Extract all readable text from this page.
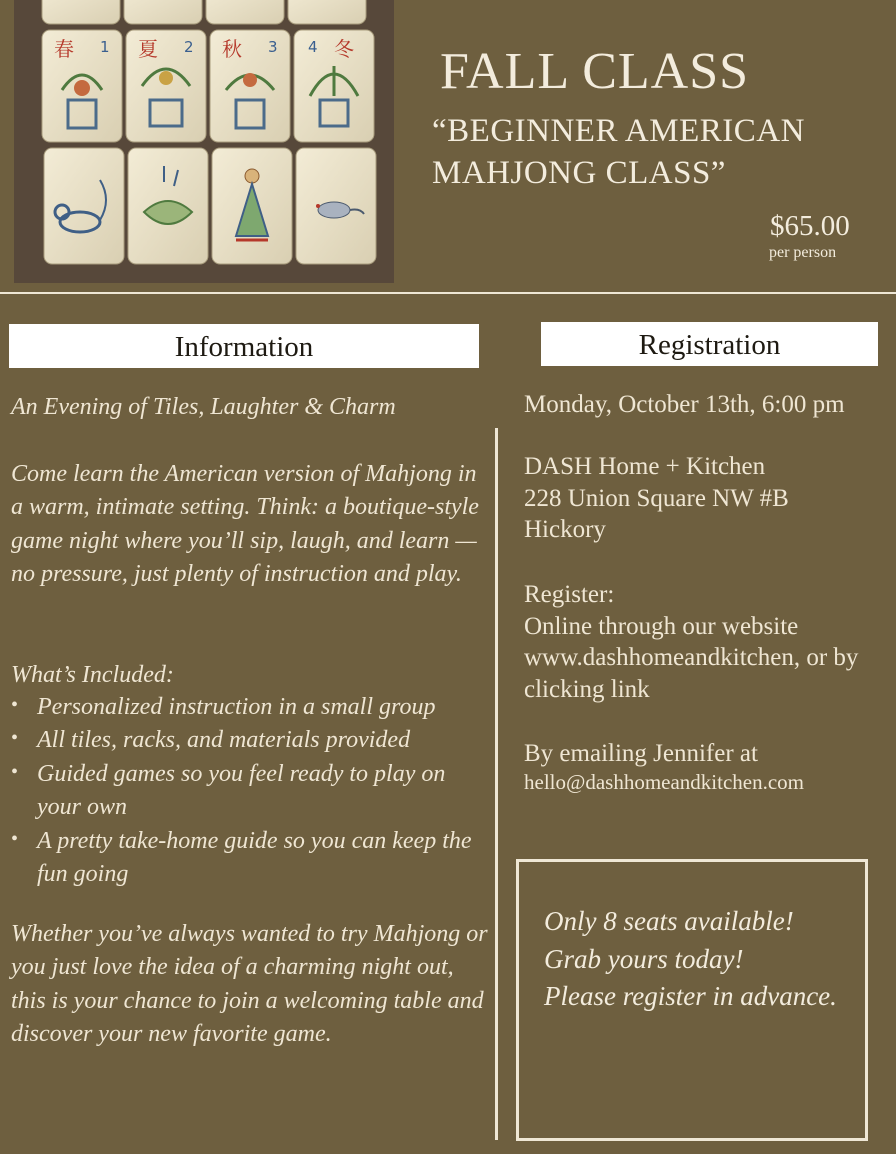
春 1 夏 2 秋 3	冬
4 FALL CLASS
“BEGINNER AMERICAN
MAHJONG CLASS”
$65.00
per person
Information	Registration
An Evening of Tiles, Laughter & Charm
Come learn the American version of Mahjong in a warm, intimate setting. Think: a boutique-style game night where you’ll sip, laugh, and learn — no pressure, just plenty of instruction and play.
What’s Included:
• Personalized instruction in a small group
• All tiles, racks, and materials provided
• Guided games so you feel ready to play on your own
• A pretty take-home guide so you can keep the fun going
Whether you’ve always wanted to try Mahjong or you just love the idea of a charming night out, this is your chance to join a welcoming table and discover your new favorite game.
Monday, October 13th, 6:00 pm
DASH Home + Kitchen
228 Union Square NW #B
Hickory
Register:
Online through our website www.dashhomeandkitchen, or by clicking link
By emailing Jennifer at
hello@dashhomeandkitchen.com
Only 8 seats available!
Grab yours today!
Please register in advance.
